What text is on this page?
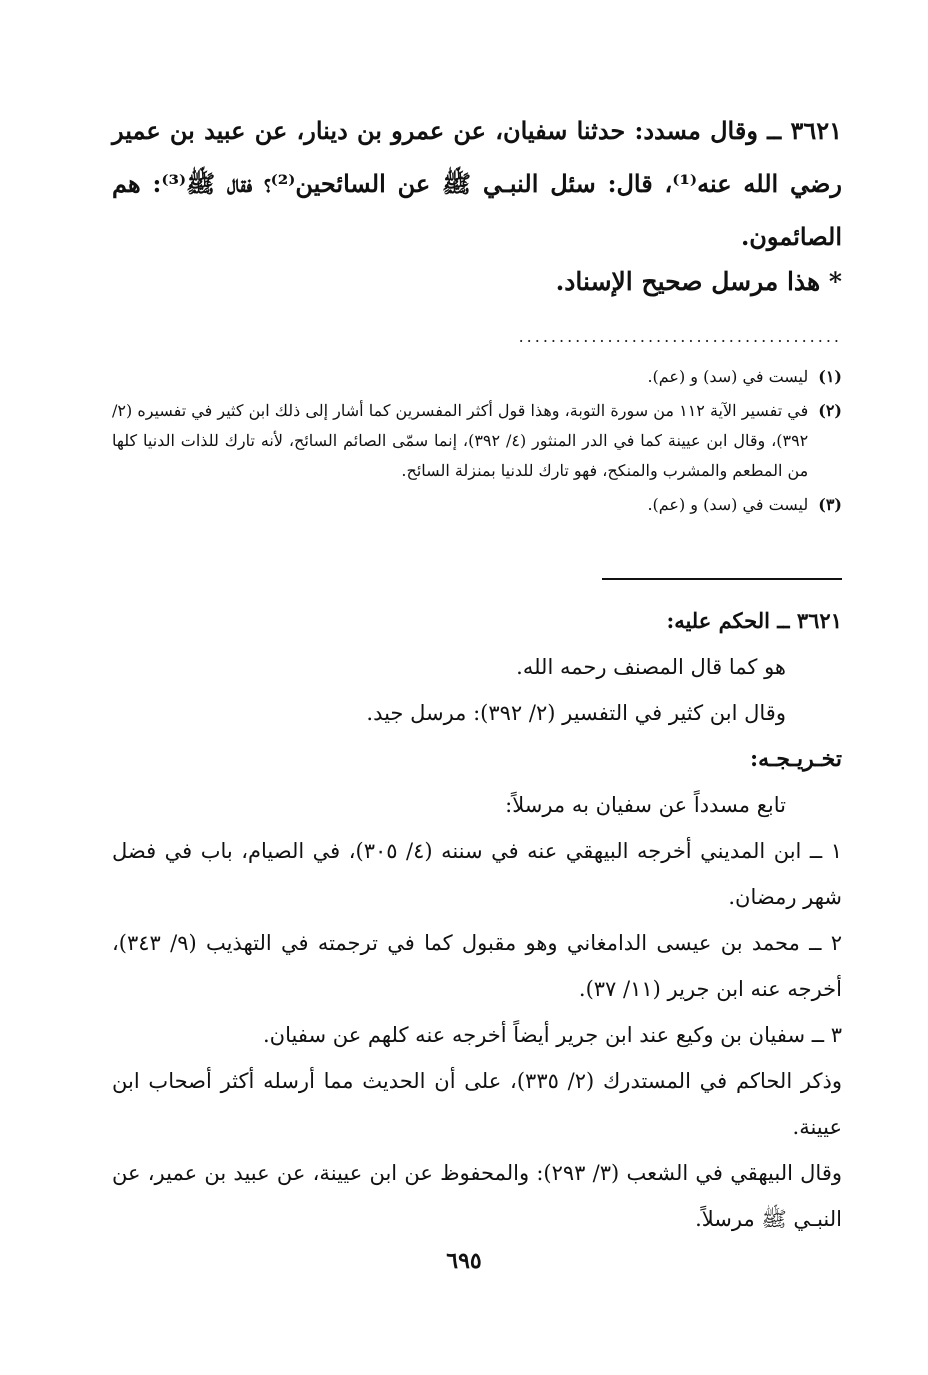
٣٦٢١ ــ وقال مسدد: حدثنا سفيان، عن عمرو بن دينار، عن عبيد بن عمير رضي الله عنه⁽¹⁾، قال: سئل النبـي ﷺ عن السائحين⁽²⁾؟ فقال ﷺ⁽³⁾: هم الصائمون.
* هذا مرسل صحيح الإسناد.
........................................
(١)
ليست في (سد) و (عم).
(٢)
في تفسير الآية ١١٢ من سورة التوبة، وهذا قول أكثر المفسرين كما أشار إلى ذلك ابن كثير في تفسيره (٢/ ٣٩٢)، وقال ابن عيينة كما في الدر المنثور (٤/ ٣٩٢)، إنما سمّى الصائم السائح، لأنه تارك للذات الدنيا كلها من المطعم والمشرب والمنكح، فهو تارك للدنيا بمنزلة السائح.
(٣)
ليست في (سد) و (عم).

٣٦٢١ ــ الحكم عليه:

هو كما قال المصنف رحمه الله.

وقال ابن كثير في التفسير (٢/ ٣٩٢): مرسل جيد.

تخـريـجـه:

تابع مسدداً عن سفيان به مرسلاً:

١ ــ ابن المديني أخرجه البيهقي عنه في سننه (٤/ ٣٠٥)، في الصيام، باب في فضل شهر رمضان.

٢ ــ محمد بن عيسى الدامغاني وهو مقبول كما في ترجمته في التهذيب (٩/ ٣٤٣)، أخرجه عنه ابن جرير (١١/ ٣٧).

٣ ــ سفيان بن وكيع عند ابن جرير أيضاً أخرجه عنه كلهم عن سفيان.

وذكر الحاكم في المستدرك (٢/ ٣٣٥)، على أن الحديث مما أرسله أكثر أصحاب ابن عيينة.

وقال البيهقي في الشعب (٣/ ٢٩٣): والمحفوظ عن ابن عيينة، عن عبيد بن عمير، عن النبـي ﷺ مرسلاً.

٦٩٥
